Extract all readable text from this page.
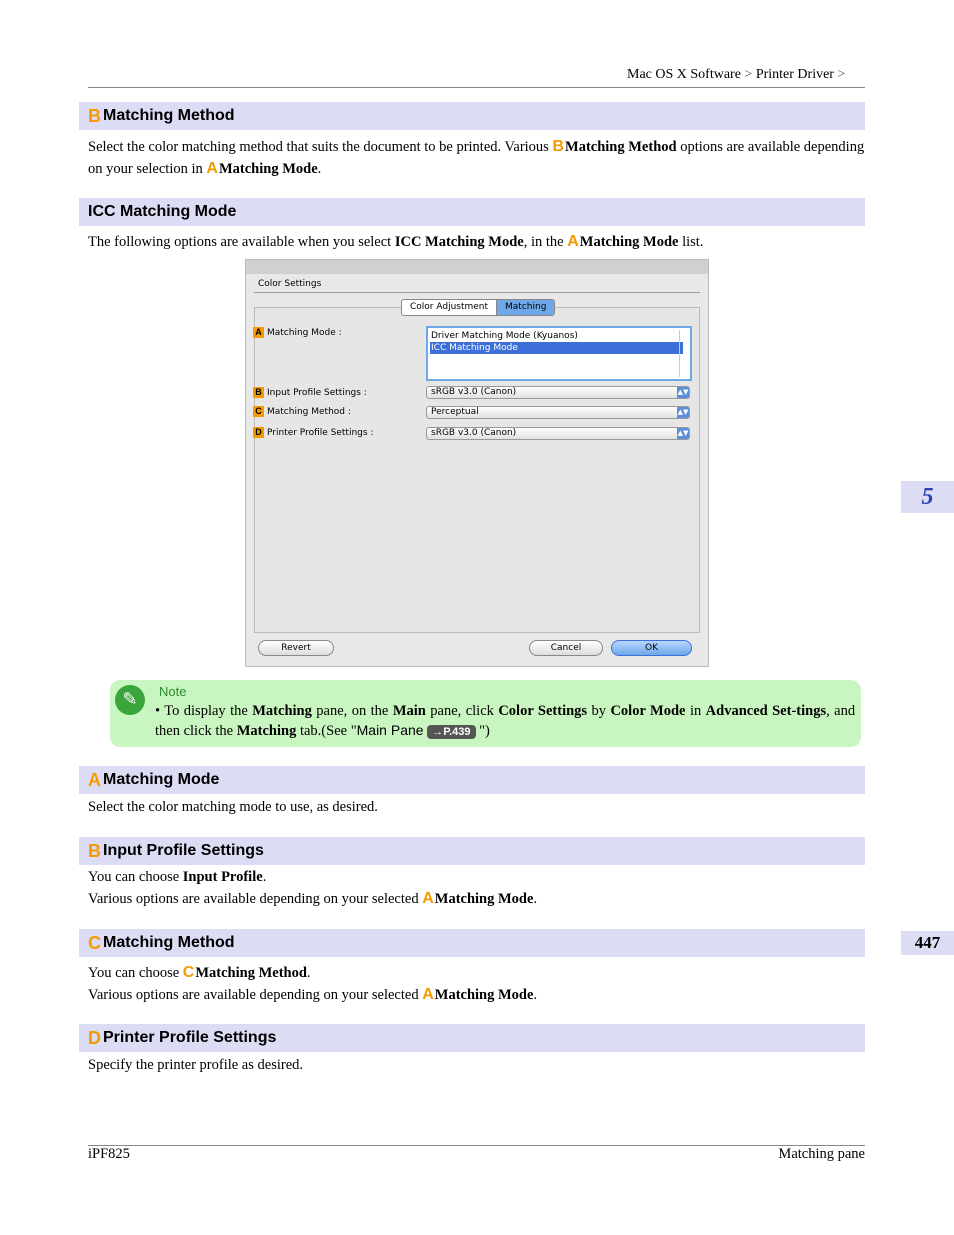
Mac OS X Software > Printer Driver >
B Matching Method
Select the color matching method that suits the document to be printed. Various BMatching Method options are available depending on your selection in AMatching Mode.
ICC Matching Mode
The following options are available when you select ICC Matching Mode, in the AMatching Mode list.
Color Settings
Color Adjustment	Matching
A Matching Mode :	Driver Matching Mode (Kyuanos)
ICC Matching Mode
B Input Profile Settings :	sRGB v3.0 (Canon)	▲▼
C Matching Method :	Perceptual	▲▼
D Printer Profile Settings :	sRGB v3.0 (Canon)	▲▼
Revert	Cancel	OK
✎	Note
• To display the Matching pane, on the Main pane, click Color Settings by Color Mode in Advanced Set-tings, and then click the Matching tab.(See "Main Pane →P.439 ")
A Matching Mode
Select the color matching mode to use, as desired.
B Input Profile Settings
You can choose Input Profile.
Various options are available depending on your selected AMatching Mode.
C Matching Method
You can choose CMatching Method.
Various options are available depending on your selected AMatching Mode.
D Printer Profile Settings
Specify the printer profile as desired.
5
447
iPF825	Matching pane
